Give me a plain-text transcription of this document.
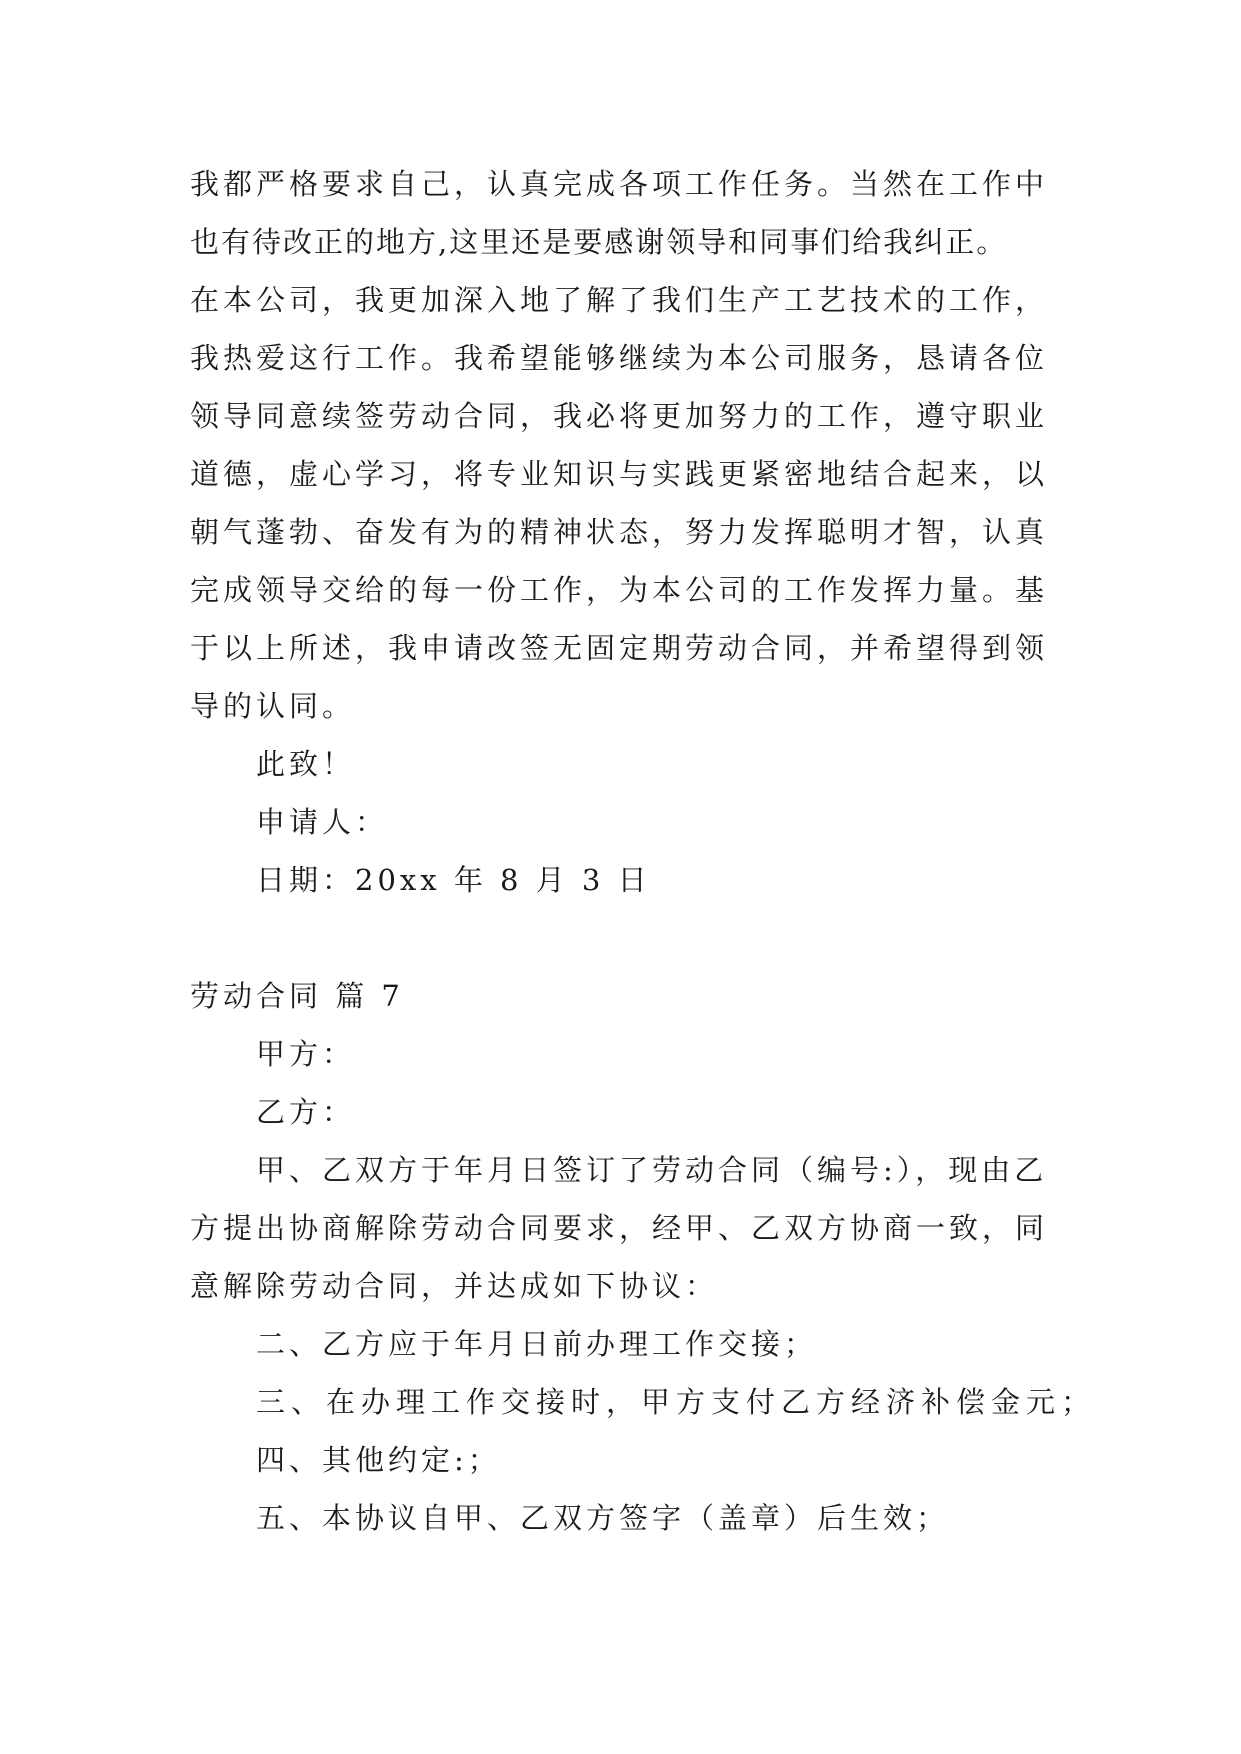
我都严格要求自己，认真完成各项工作任务。当然在工作中
也有待改正的地方,这里还是要感谢领导和同事们给我纠正。
在本公司，我更加深入地了解了我们生产工艺技术的工作，
我热爱这行工作。我希望能够继续为本公司服务，恳请各位
领导同意续签劳动合同，我必将更加努力的工作，遵守职业
道德，虚心学习，将专业知识与实践更紧密地结合起来，以
朝气蓬勃、奋发有为的精神状态，努力发挥聪明才智，认真
完成领导交给的每一份工作，为本公司的工作发挥力量。基
于以上所述，我申请改签无固定期劳动合同，并希望得到领
导的认同。
此致！
申请人：
日期：20xx 年 8 月 3 日
劳动合同 篇 7
甲方：
乙方：
甲、乙双方于年月日签订了劳动合同（编号:），现由乙
方提出协商解除劳动合同要求，经甲、乙双方协商一致，同
意解除劳动合同，并达成如下协议：
二、乙方应于年月日前办理工作交接；
三、在办理工作交接时，甲方支付乙方经济补偿金元；
四、其他约定:；
五、本协议自甲、乙双方签字（盖章）后生效；
